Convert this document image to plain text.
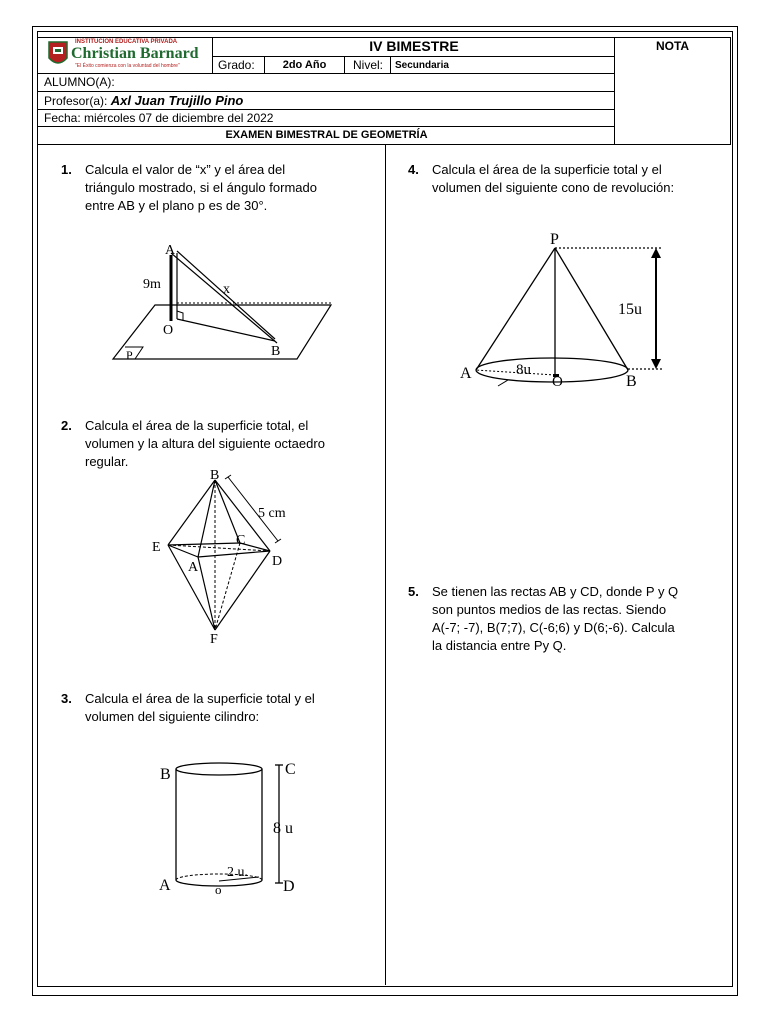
NOTA
INSTITUCIÓN EDUCATIVA PRIVADA
Christian Barnard
"El Éxito comienza con la voluntad del hombre"
IV BIMESTRE
Grado:	2do Año	Nivel:	Secundaria
ALUMNO(A):
Profesor(a): Axl Juan Trujillo Pino
Fecha: miércoles 07 de diciembre del 2022
EXAMEN BIMESTRAL DE GEOMETRÍA
1. Calcula el valor de “x” y el área del
triángulo mostrado, si el ángulo formado
entre AB y el plano p es de 30°.
2. Calcula el área de la superficie total, el
volumen y la altura del siguiente octaedro
regular.
3. Calcula el área de la superficie total y el
volumen del siguiente cilindro:
4. Calcula el área de la superficie total y el
volumen del siguiente cono de revolución:
5. Se tienen las rectas AB y CD, donde P y Q
son puntos medios de las rectas. Siendo
A(-7; -7), B(7;7), C(-6;6) y D(6;-6). Calcula
la distancia entre Py Q.
A
9m	x
O
B
P
B
5 cm
E	C
D
A
F
B	C
8 u
2 u.
A	o	D
P
15u
A	8u
O	B
